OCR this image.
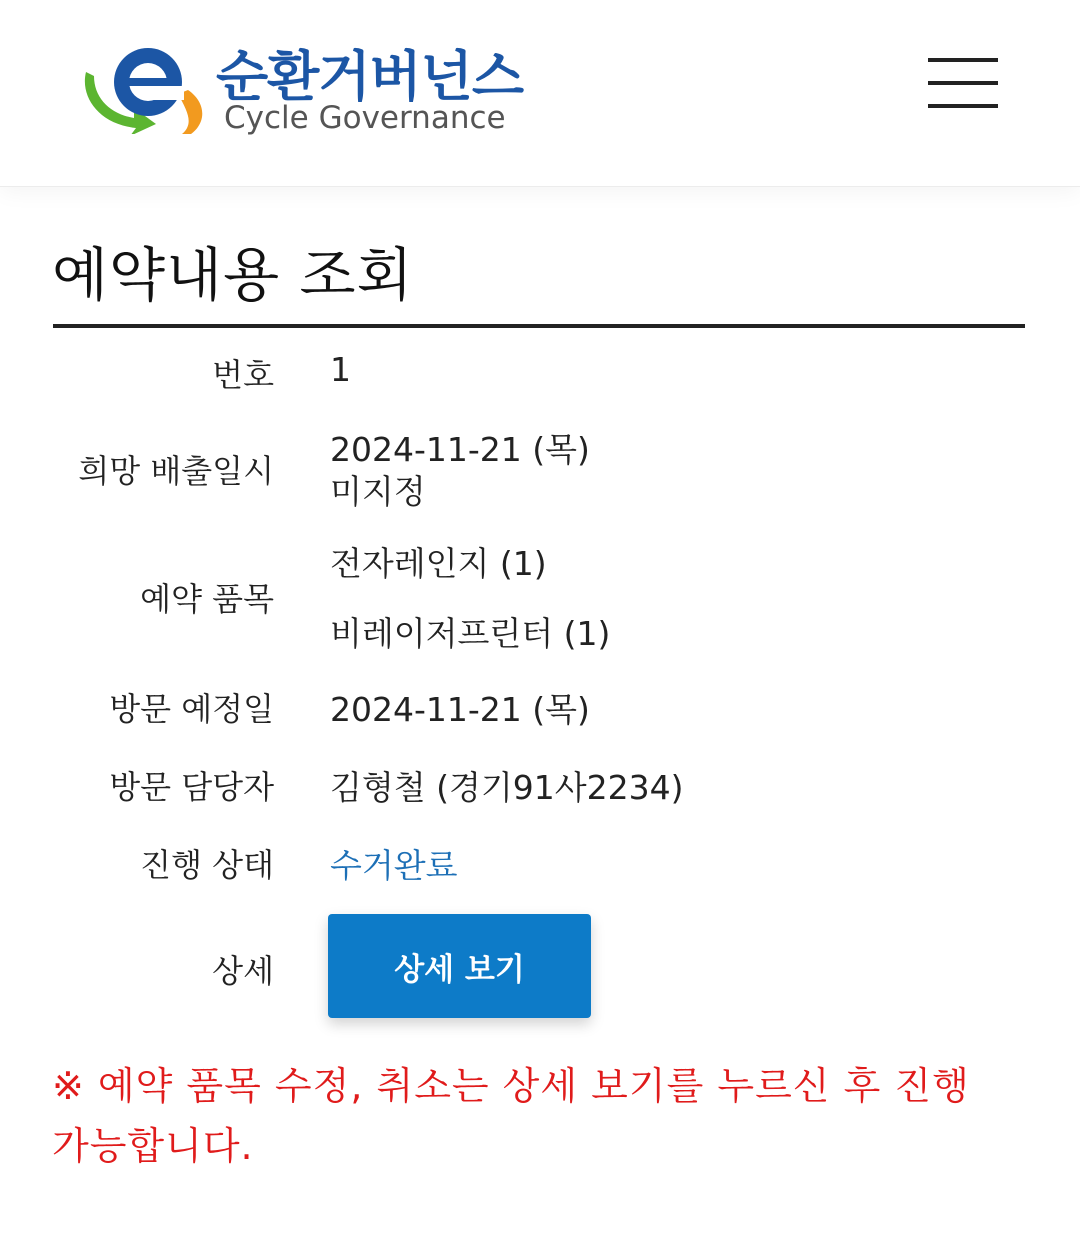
순환거버넌스
Cycle Governance
예약내용 조회
번호 1
희망 배출일시
2024-11-21 (목)
미지정
예약 품목
전자레인지 (1)
비레이저프린터 (1)
방문 예정일 2024-11-21 (목)
방문 담당자 김형철 (경기91사2234)
진행 상태 수거완료
상세	상세 보기
※ 예약 품목 수정, 취소는 상세 보기를 누르신 후 진행 가능합니다.
